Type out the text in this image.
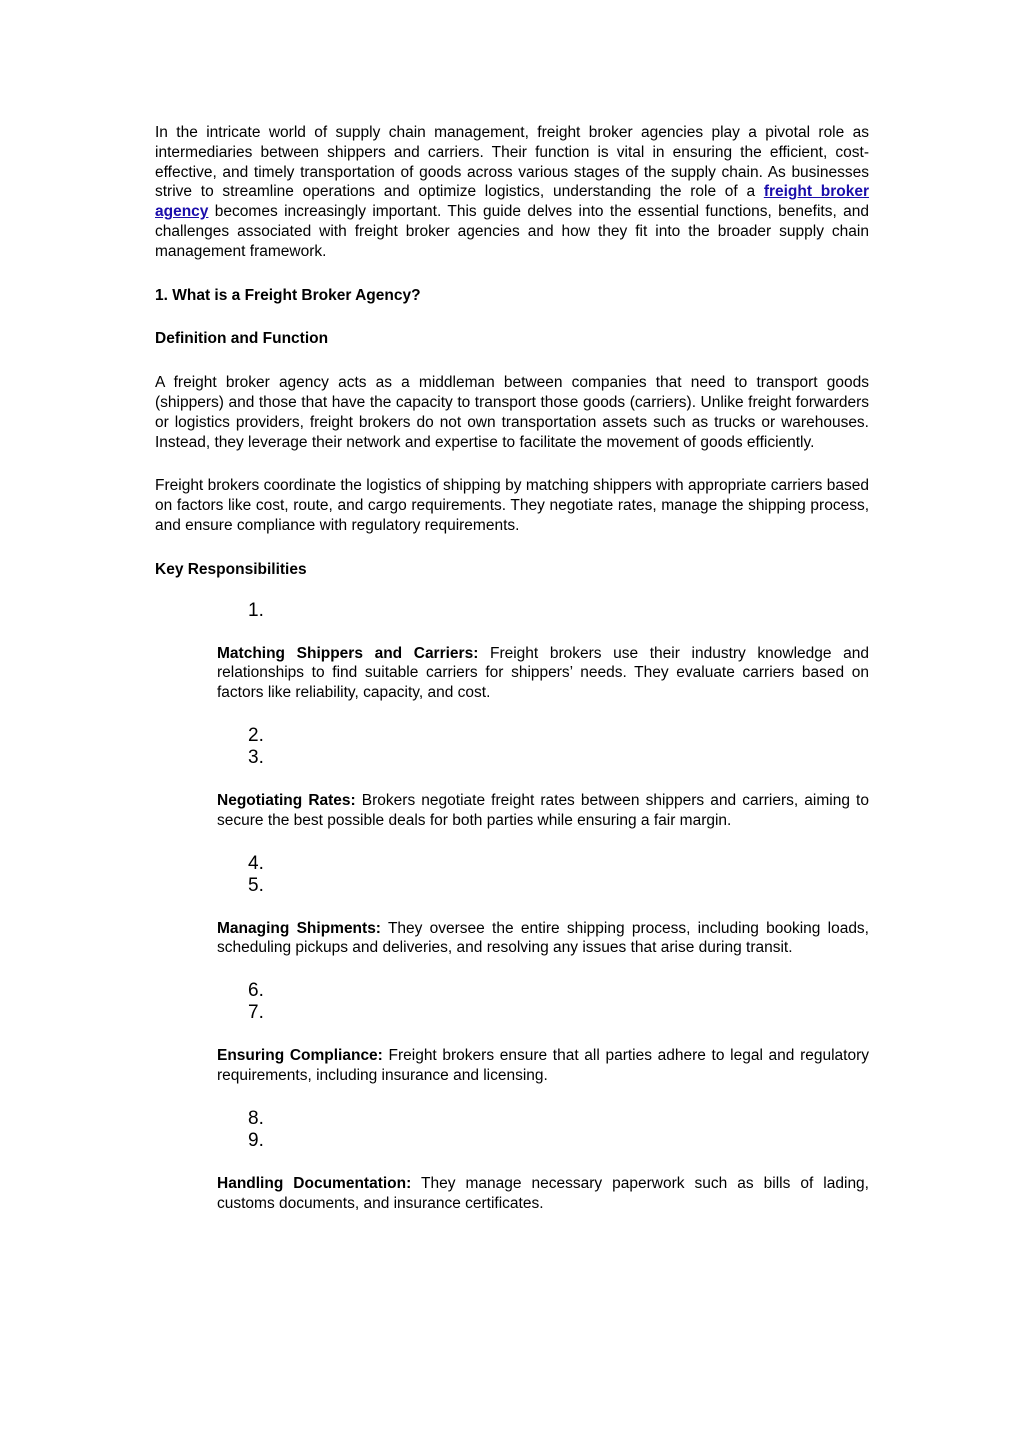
In the intricate world of supply chain management, freight broker agencies play a pivotal role as intermediaries between shippers and carriers. Their function is vital in ensuring the efficient, cost-effective, and timely transportation of goods across various stages of the supply chain. As businesses strive to streamline operations and optimize logistics, understanding the role of a freight broker agency becomes increasingly important. This guide delves into the essential functions, benefits, and challenges associated with freight broker agencies and how they fit into the broader supply chain management framework.

1. What is a Freight Broker Agency?

Definition and Function

A freight broker agency acts as a middleman between companies that need to transport goods (shippers) and those that have the capacity to transport those goods (carriers). Unlike freight forwarders or logistics providers, freight brokers do not own transportation assets such as trucks or warehouses. Instead, they leverage their network and expertise to facilitate the movement of goods efficiently.

Freight brokers coordinate the logistics of shipping by matching shippers with appropriate carriers based on factors like cost, route, and cargo requirements. They negotiate rates, manage the shipping process, and ensure compliance with regulatory requirements.

Key Responsibilities

1.

Matching Shippers and Carriers: Freight brokers use their industry knowledge and relationships to find suitable carriers for shippers’ needs. They evaluate carriers based on factors like reliability, capacity, and cost.

2.

3.

Negotiating Rates: Brokers negotiate freight rates between shippers and carriers, aiming to secure the best possible deals for both parties while ensuring a fair margin.

4.

5.

Managing Shipments: They oversee the entire shipping process, including booking loads, scheduling pickups and deliveries, and resolving any issues that arise during transit.

6.

7.

Ensuring Compliance: Freight brokers ensure that all parties adhere to legal and regulatory requirements, including insurance and licensing.

8.

9.

Handling Documentation: They manage necessary paperwork such as bills of lading, customs documents, and insurance certificates.
